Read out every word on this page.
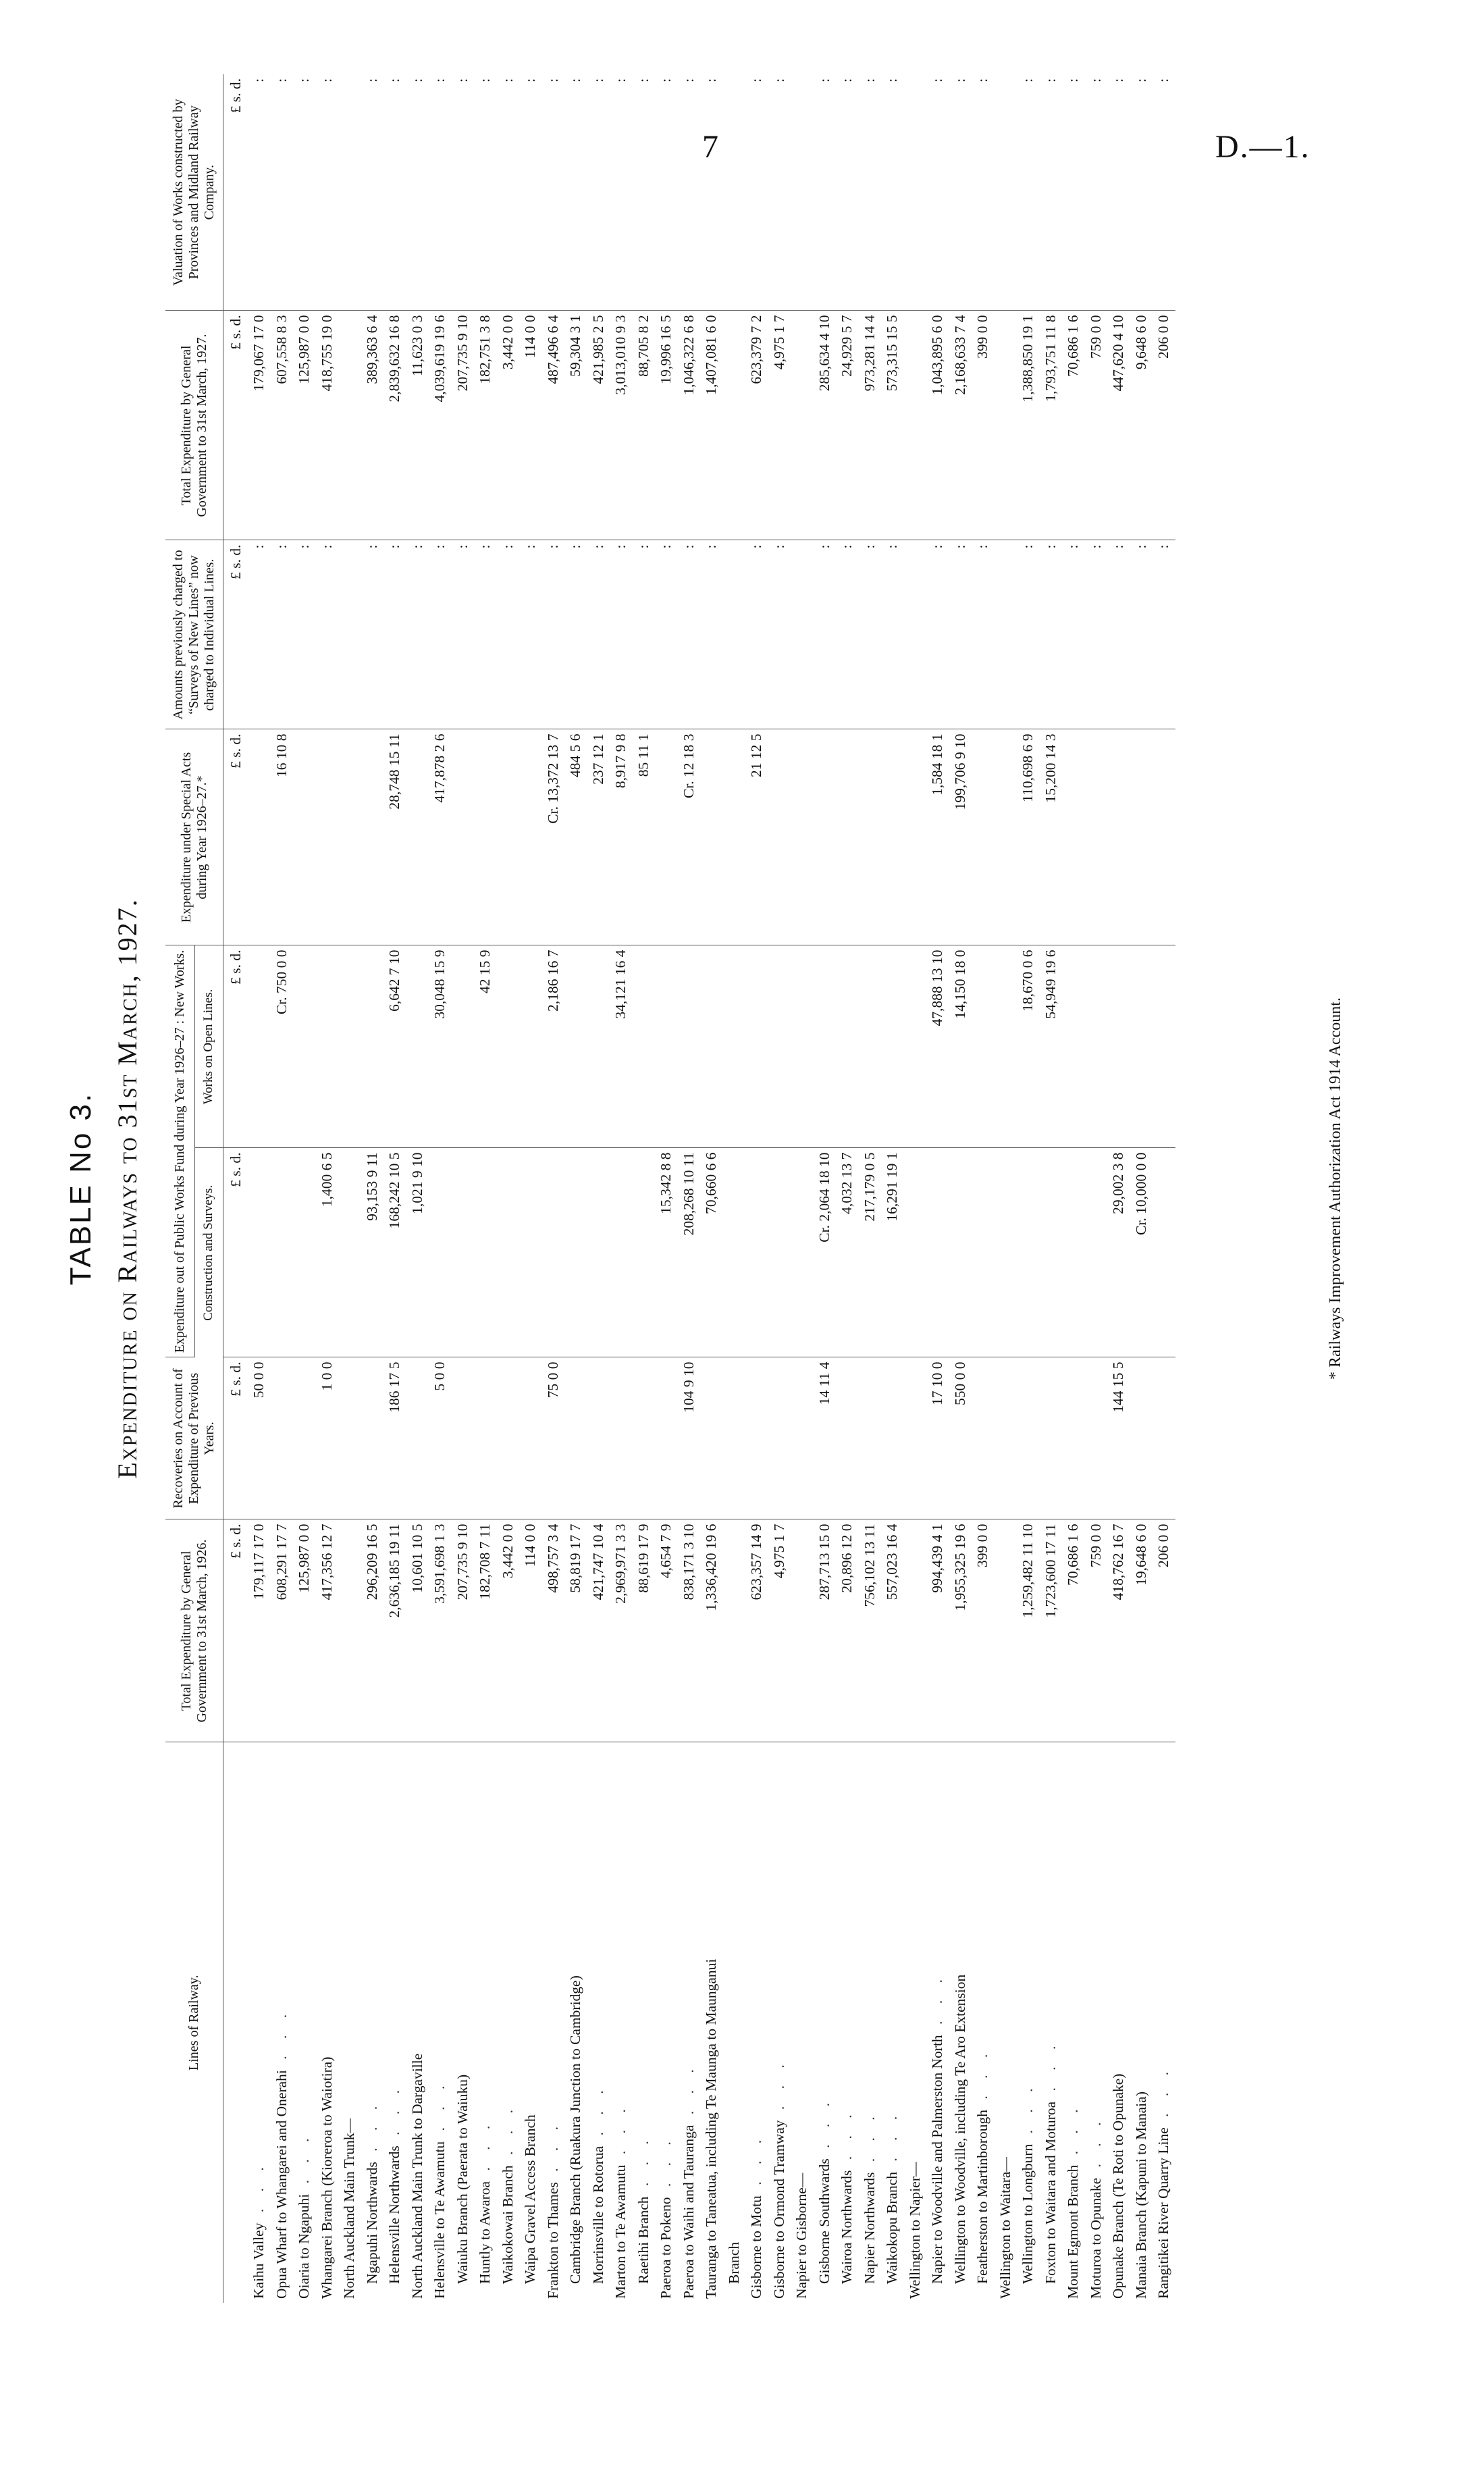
7	D.—1.
TABLE No 3. Expenditure on Railways to 31st March, 1927.
Lines of Railway.	Total Expenditure by General Government to 31st March, 1926.	Recoveries on Account of Expenditure of Previous Years.	Expenditure out of Public Works Fund during Year 1926–27 : New Works.		Expenditure under Special Acts during Year 1926–27.*	Amounts previously charged to “Surveys of New Lines” now charged to Individual Lines.	Total Expenditure by General Government to 31st March, 1927.	Valuation of Works constructed by Provinces and Midland Railway Company.
			Construction and Surveys.	Works on Open Lines.				
	£ s. d.	£ s. d.	£ s. d.	£ s. d.	£ s. d.	£ s. d.	£ s. d.	£ s. d.
Kaihu Valley . . .	179,117 17 0	50 0 0				:	179,067 17 0	:
Opua Wharf to Whangarei and Onerahi . . .	608,291 17 7			Cr. 750 0 0	16 10 8	:	607,558 8 3	:
Oiaria to Ngapuhi . . .	125,987 0 0					:	125,987 0 0	:
Whangarei Branch (Kioreroa to Waiotira)	417,356 12 7	1 0 0	1,400 6 5			:	418,755 19 0	:
North Auckland Main Trunk—								
Ngapuhi Northwards . . .	296,209 16 5		93,153 9 11			:	389,363 6 4	:
Helensville Northwards . . .	2,636,185 19 11	186 17 5	168,242 10 5	6,642 7 10	28,748 15 11	:	2,839,632 16 8	:
North Auckland Main Trunk to Dargaville	10,601 10 5		1,021 9 10			:	11,623 0 3	:
Helensville to Te Awamutu . . .	3,591,698 1 3	5 0 0		30,048 15 9	417,878 2 6	:	4,039,619 19 6	:
Waiuku Branch (Paerata to Waiuku)	207,735 9 10					:	207,735 9 10	:
Huntly to Awaroa . . .	182,708 7 11			42 15 9		:	182,751 3 8	:
Waikokowai Branch . . .	3,442 0 0					:	3,442 0 0	:
Waipa Gravel Access Branch	114 0 0					:	114 0 0	:
Frankton to Thames . . .	498,757 3 4	75 0 0		2,186 16 7	Cr. 13,372 13 7	:	487,496 6 4	:
Cambridge Branch (Ruakura Junction to Cambridge)	58,819 17 7				484 5 6	:	59,304 3 1	:
Morrinsville to Rotorua . . .	421,747 10 4				237 12 1	:	421,985 2 5	:
Marton to Te Awamutu . . .	2,969,971 3 3			34,121 16 4	8,917 9 8	:	3,013,010 9 3	:
Raetihi Branch . . .	88,619 17 9				85 11 1	:	88,705 8 2	:
Paeroa to Pokeno . . .	4,654 7 9		15,342 8 8			:	19,996 16 5	:
Paeroa to Waihi and Tauranga . . .	838,171 3 10	104 9 10	208,268 10 11		Cr. 12 18 3	:	1,046,322 6 8	:
Tauranga to Taneatua, including Te Maunga to Maunganui	1,336,420 19 6		70,660 6 6			:	1,407,081 6 0	:
Branch								
Gisborne to Motu . . .	623,357 14 9				21 12 5	:	623,379 7 2	:
Gisborne to Ormond Tramway . . .	4,975 1 7					:	4,975 1 7	:
Napier to Gisborne—								
Gisborne Southwards . . .	287,713 15 0	14 11 4	Cr. 2,064 18 10			:	285,634 4 10	:
Wairoa Northwards . . .	20,896 12 0		4,032 13 7			:	24,929 5 7	:
Napier Northwards . . .	756,102 13 11		217,179 0 5			:	973,281 14 4	:
Waikokopu Branch . . .	557,023 16 4		16,291 19 1			:	573,315 15 5	:
Wellington to Napier—								
Napier to Woodville and Palmerston North . . .	994,439 4 1	17 10 0		47,888 13 10	1,584 18 1	:	1,043,895 6 0	:
Wellington to Woodville, including Te Aro Extension	1,955,325 19 6	550 0 0		14,150 18 0	199,706 9 10	:	2,168,633 7 4	:
Featherston to Martinborough . . .	399 0 0					:	399 0 0	:
Wellington to Waitara—								
Wellington to Longburn . . .	1,259,482 11 10			18,670 0 6	110,698 6 9	:	1,388,850 19 1	:
Foxton to Waitara and Moturoa . . .	1,723,600 17 11			54,949 19 6	15,200 14 3	:	1,793,751 11 8	:
Mount Egmont Branch . . .	70,686 1 6					:	70,686 1 6	:
Moturoa to Opunake . . .	759 0 0					:	759 0 0	:
Opunake Branch (Te Roti to Opunake)	418,762 16 7	144 15 5	29,002 3 8			:	447,620 4 10	:
Manaia Branch (Kapuni to Manaia)	19,648 6 0		Cr. 10,000 0 0			:	9,648 6 0	:
Rangitikei River Quarry Line . . .	206 0 0					:	206 0 0	:
* Railways Improvement Authorization Act 1914 Account.
